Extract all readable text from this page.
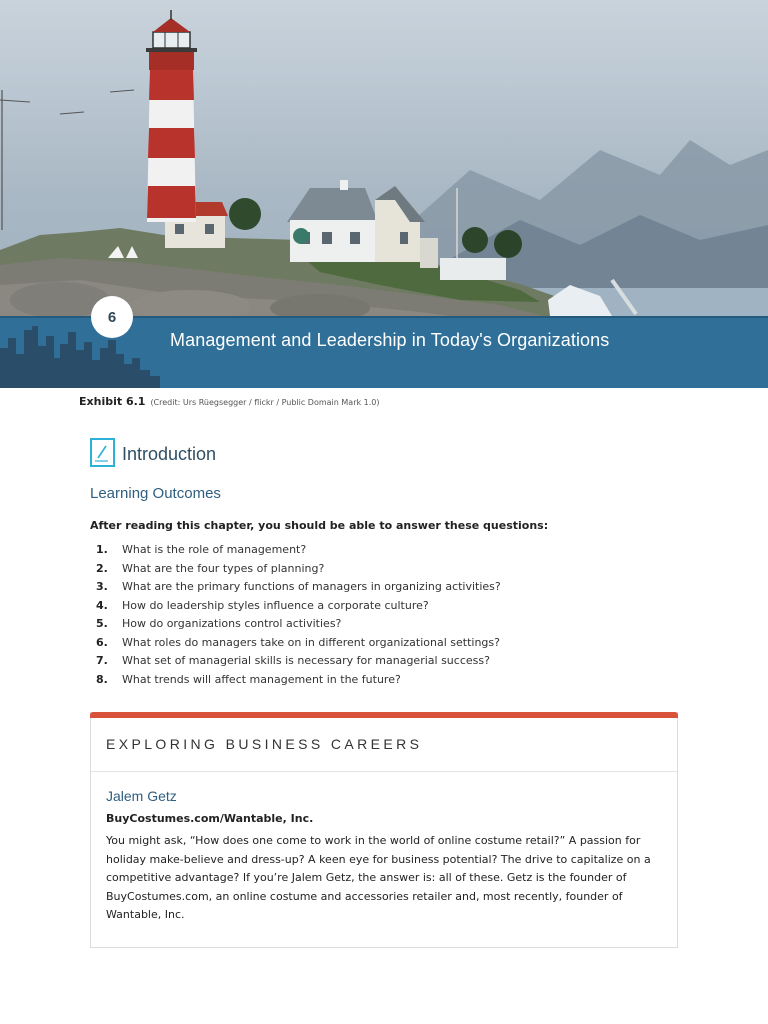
6
Management and Leadership in Today's Organizations
Exhibit 6.1 (Credit: Urs Rüegsegger / flickr / Public Domain Mark 1.0)
Introduction
Learning Outcomes
After reading this chapter, you should be able to answer these questions:
1.	What is the role of management?
2.	What are the four types of planning?
3.	What are the primary functions of managers in organizing activities?
4.	How do leadership styles influence a corporate culture?
5.	How do organizations control activities?
6.	What roles do managers take on in different organizational settings?
7.	What set of managerial skills is necessary for managerial success?
8.	What trends will affect management in the future?
EXPLORING BUSINESS CAREERS
Jalem Getz
BuyCostumes.com/Wantable, Inc.
You might ask, “How does one come to work in the world of online costume retail?” A passion for holiday make-believe and dress-up? A keen eye for business potential? The drive to capitalize on a competitive advantage? If you’re Jalem Getz, the answer is: all of these. Getz is the founder of BuyCostumes.com, an online costume and accessories retailer and, most recently, founder of Wantable, Inc.
